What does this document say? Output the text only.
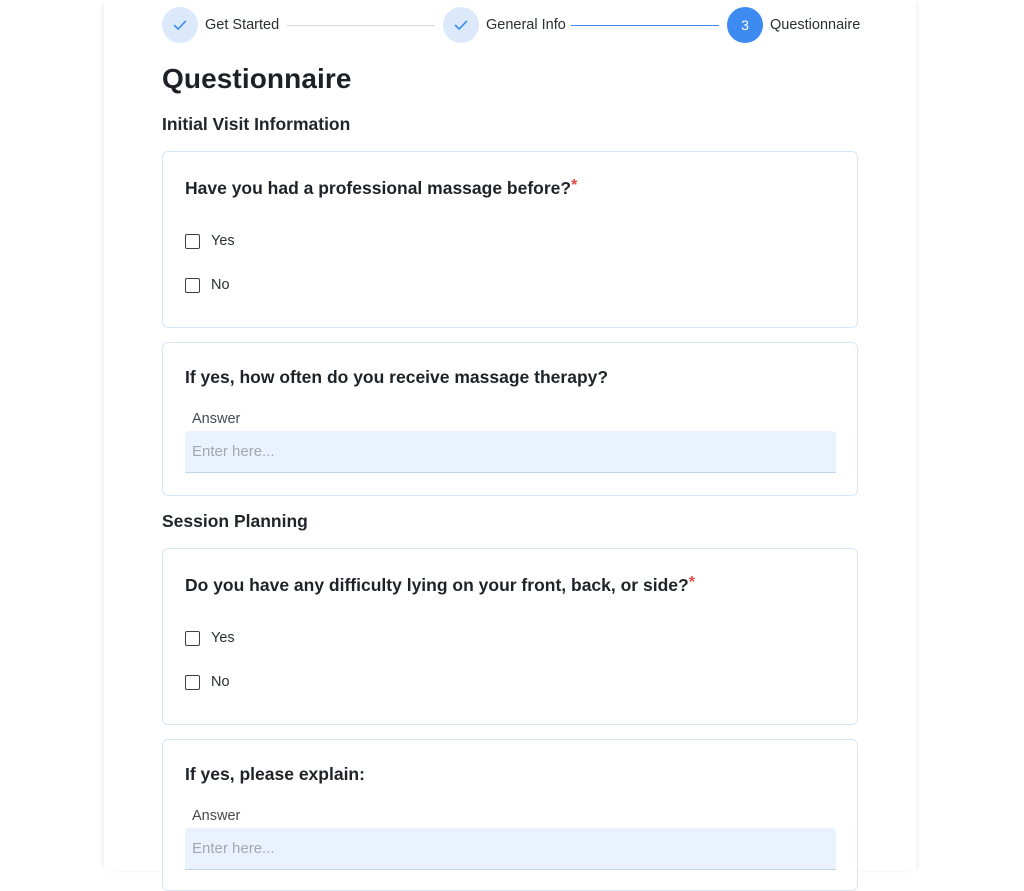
Get Started	General Info	3	Questionnaire
Questionnaire
Initial Visit Information
Have you had a professional massage before?*
Yes
No
If yes, how often do you receive massage therapy?
Answer
Enter here...
Session Planning
Do you have any difficulty lying on your front, back, or side?*
Yes
No
If yes, please explain:
Answer
Enter here...
